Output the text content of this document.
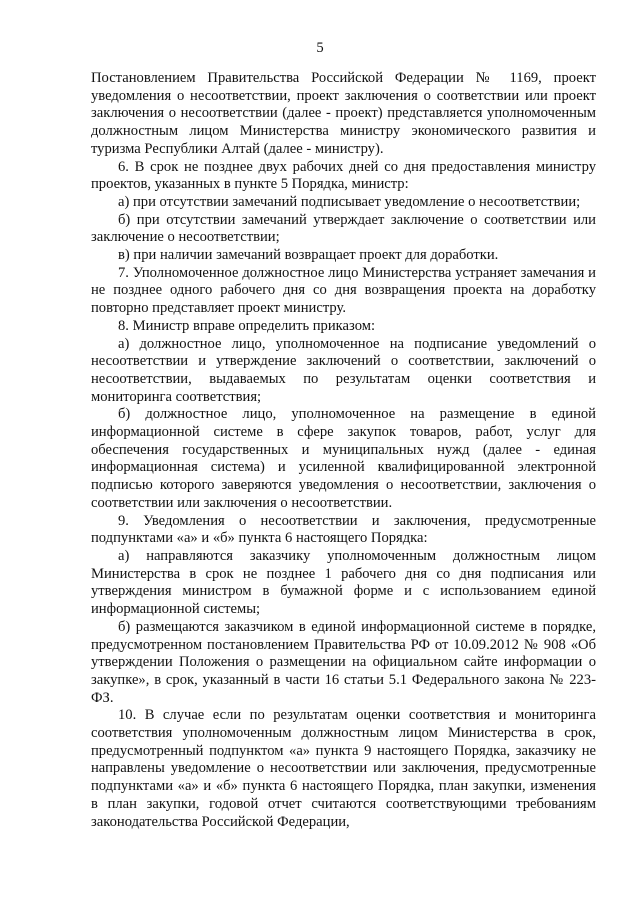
5

Постановлением Правительства Российской Федерации № 1169, проект уведомления о несоответствии, проект заключения о соответствии или проект заключения о несоответствии (далее - проект) представляется уполномоченным должностным лицом Министерства министру экономического развития и туризма Республики Алтай (далее - министру).

6. В срок не позднее двух рабочих дней со дня предоставления министру проектов, указанных в пункте 5 Порядка, министр:

а) при отсутствии замечаний подписывает уведомление о несоответствии;

б) при отсутствии замечаний утверждает заключение о соответствии или заключение о несоответствии;

в) при наличии замечаний возвращает проект для доработки.

7. Уполномоченное должностное лицо Министерства устраняет замечания и не позднее одного рабочего дня со дня возвращения проекта на доработку повторно представляет проект министру.

8. Министр вправе определить приказом:

а) должностное лицо, уполномоченное на подписание уведомлений о несоответствии и утверждение заключений о соответствии, заключений о несоответствии, выдаваемых по результатам оценки соответствия и мониторинга соответствия;

б) должностное лицо, уполномоченное на размещение в единой информационной системе в сфере закупок товаров, работ, услуг для обеспечения государственных и муниципальных нужд (далее - единая информационная система) и усиленной квалифицированной электронной подписью которого заверяются уведомления о несоответствии, заключения о соответствии или заключения о несоответствии.

9. Уведомления о несоответствии и заключения, предусмотренные подпунктами «а» и «б» пункта 6 настоящего Порядка:

а) направляются заказчику уполномоченным должностным лицом Министерства в срок не позднее 1 рабочего дня со дня подписания или утверждения министром в бумажной форме и с использованием единой информационной системы;

б) размещаются заказчиком в единой информационной системе в порядке, предусмотренном постановлением Правительства РФ от 10.09.2012 № 908 «Об утверждении Положения о размещении на официальном сайте информации о закупке», в срок, указанный в части 16 статьи 5.1 Федерального закона № 223-ФЗ.

10. В случае если по результатам оценки соответствия и мониторинга соответствия уполномоченным должностным лицом Министерства в срок, предусмотренный подпунктом «а» пункта 9 настоящего Порядка, заказчику не направлены уведомление о несоответствии или заключения, предусмотренные подпунктами «а» и «б» пункта 6 настоящего Порядка, план закупки, изменения в план закупки, годовой отчет считаются соответствующими требованиям законодательства Российской Федерации,
